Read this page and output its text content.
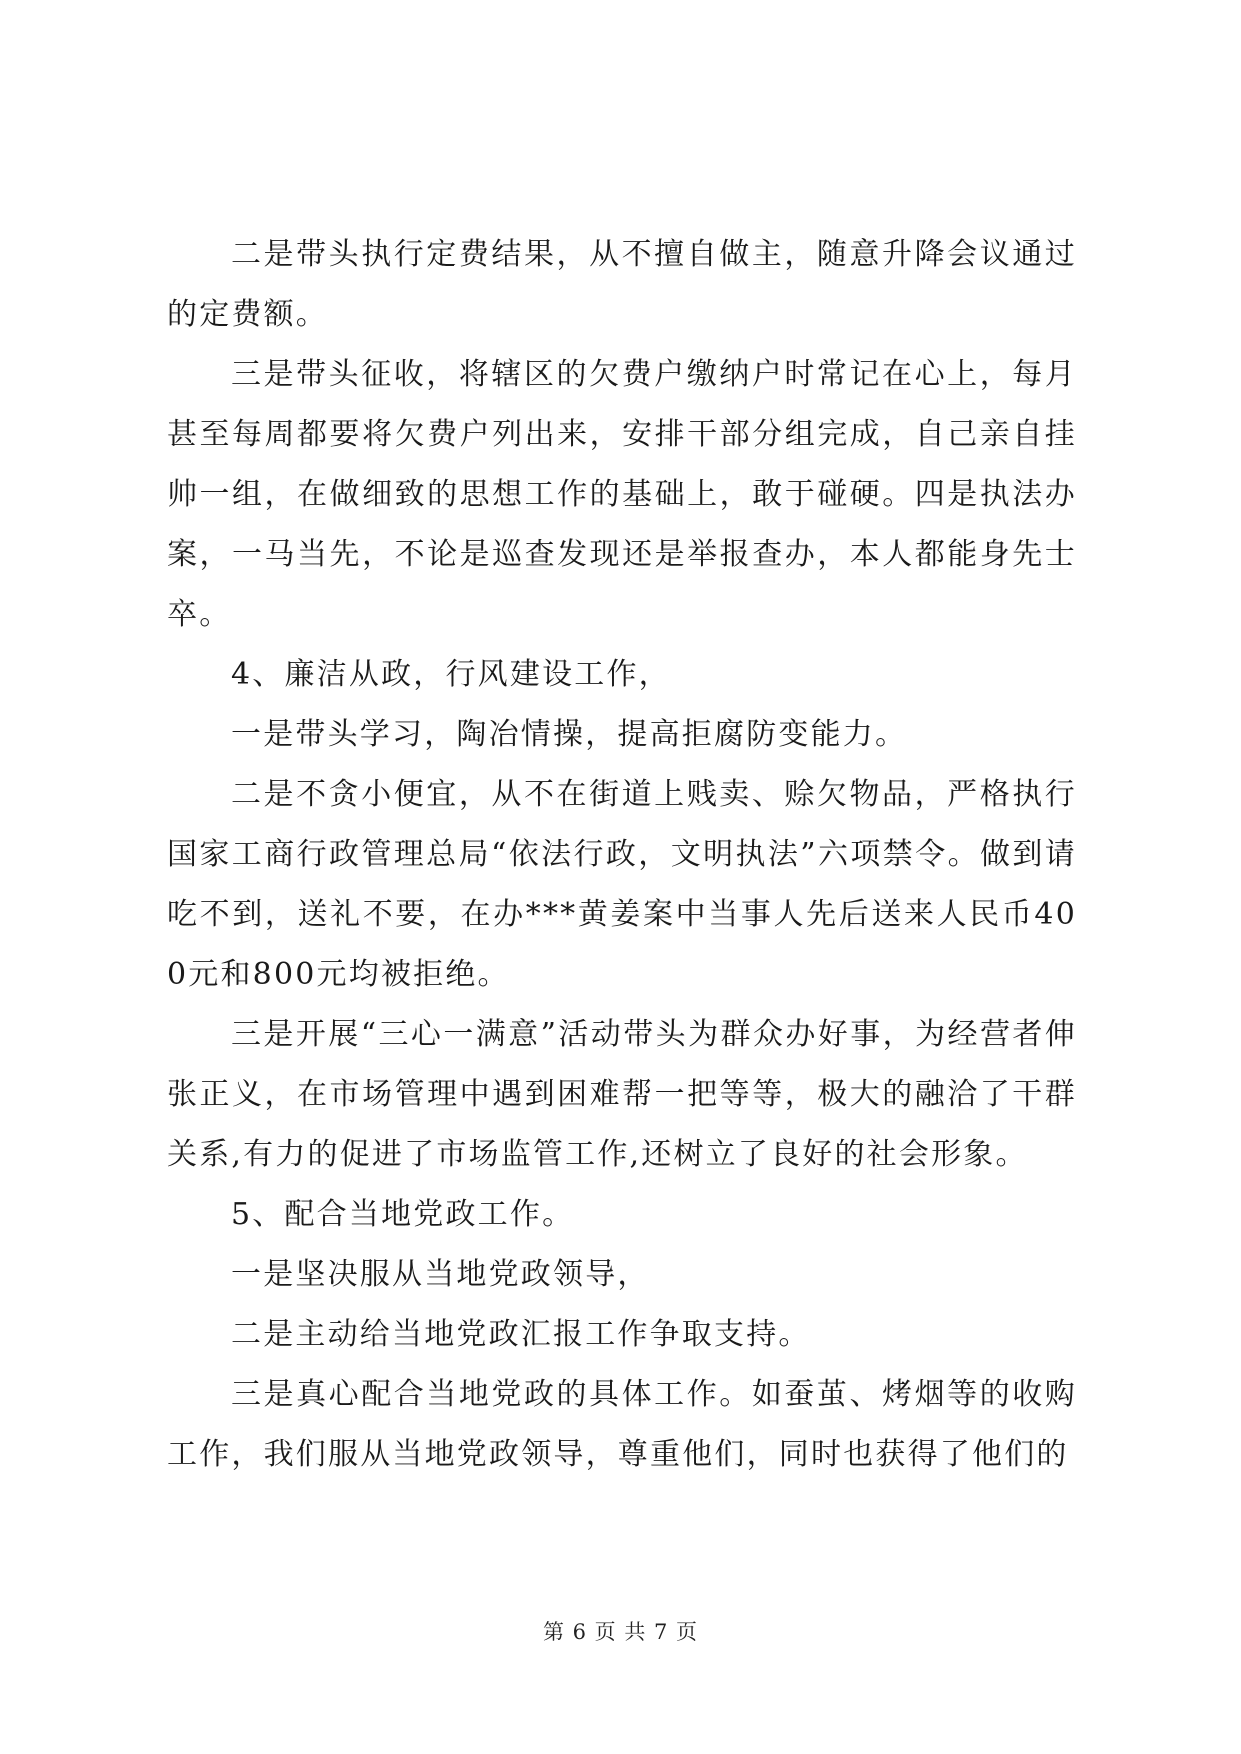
二是带头执行定费结果，从不擅自做主，随意升降会议通过的定费额。

三是带头征收，将辖区的欠费户缴纳户时常记在心上，每月甚至每周都要将欠费户列出来，安排干部分组完成，自己亲自挂帅一组，在做细致的思想工作的基础上，敢于碰硬。四是执法办案，一马当先，不论是巡查发现还是举报查办，本人都能身先士卒。

4、廉洁从政，行风建设工作，

一是带头学习，陶冶情操，提高拒腐防变能力。

二是不贪小便宜，从不在街道上贱卖、赊欠物品，严格执行国家工商行政管理总局“依法行政，文明执法”六项禁令。做到请吃不到，送礼不要，在办***黄姜案中当事人先后送来人民币400元和800元均被拒绝。

三是开展“三心一满意”活动带头为群众办好事，为经营者伸张正义，在市场管理中遇到困难帮一把等等，极大的融洽了干群关系,有力的促进了市场监管工作,还树立了良好的社会形象。

5、配合当地党政工作。

一是坚决服从当地党政领导，

二是主动给当地党政汇报工作争取支持。

三是真心配合当地党政的具体工作。如蚕茧、烤烟等的收购工作，我们服从当地党政领导，尊重他们，同时也获得了他们的

第 6 页 共 7 页
